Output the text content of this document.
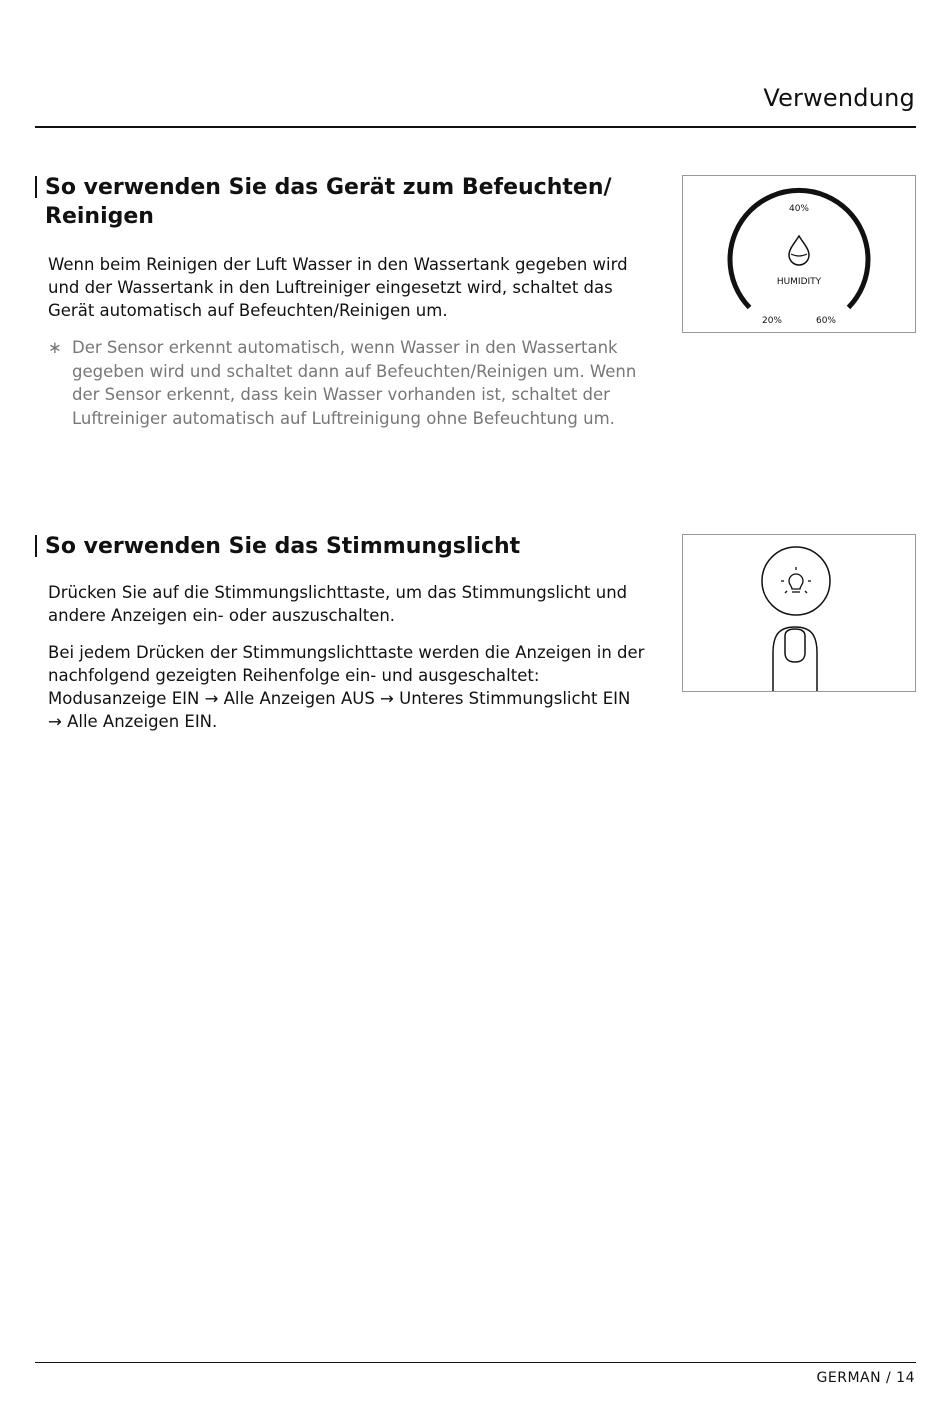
Verwendung
So verwenden Sie das Gerät zum Befeuchten/
Reinigen

Wenn beim Reinigen der Luft Wasser in den Wassertank gegeben wird und der Wassertank in den Luftreiniger eingesetzt wird, schaltet das Gerät automatisch auf Befeuchten/Reinigen um.

∗ Der Sensor erkennt automatisch, wenn Wasser in den Wassertank gegeben wird und schaltet dann auf Befeuchten/Reinigen um. Wenn der Sensor erkennt, dass kein Wasser vorhanden ist, schaltet der Luftreiniger automatisch auf Luftreinigung ohne Befeuchtung um.
40%
HUMIDITY
20%	60%
So verwenden Sie das Stimmungslicht

Drücken Sie auf die Stimmungslichttaste, um das Stimmungslicht und andere Anzeigen ein- oder auszuschalten.

Bei jedem Drücken der Stimmungslichttaste werden die Anzeigen in der nachfolgend gezeigten Reihenfolge ein- und ausgeschaltet: Modusanzeige EIN → Alle Anzeigen AUS → Unteres Stimmungslicht EIN → Alle Anzeigen EIN.

GERMAN / 14
